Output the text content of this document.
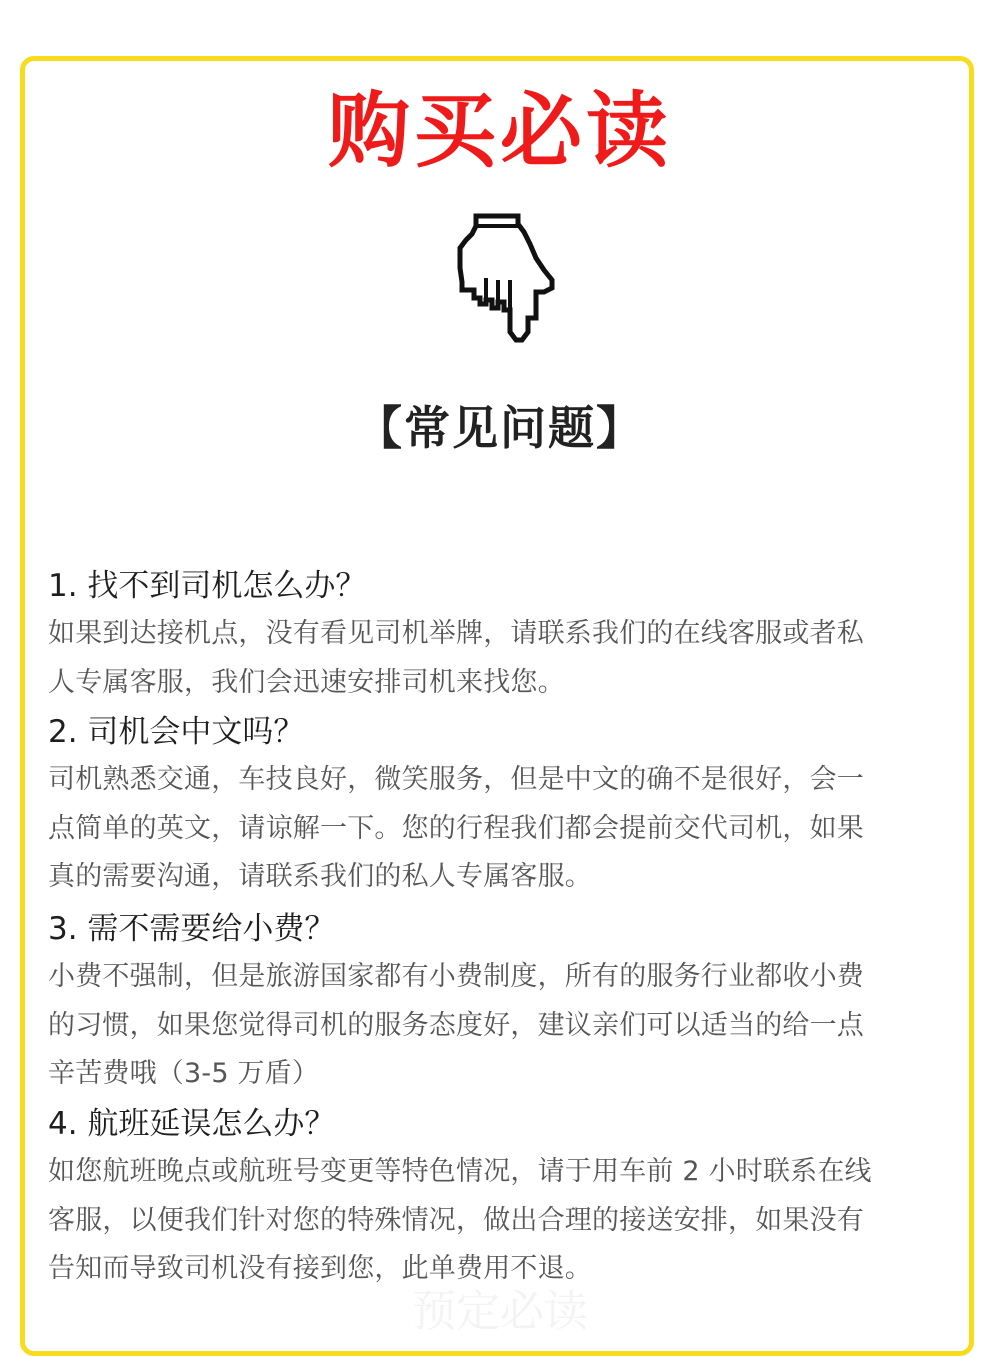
购买必读
【常见问题】
1. 找不到司机怎么办？
如果到达接机点，没有看见司机举牌，请联系我们的在线客服或者私
人专属客服，我们会迅速安排司机来找您。
2. 司机会中文吗？
司机熟悉交通，车技良好，微笑服务，但是中文的确不是很好，会一
点简单的英文，请谅解一下。您的行程我们都会提前交代司机，如果
真的需要沟通，请联系我们的私人专属客服。
3. 需不需要给小费？
小费不强制，但是旅游国家都有小费制度，所有的服务行业都收小费
的习惯，如果您觉得司机的服务态度好，建议亲们可以适当的给一点
辛苦费哦（3-5 万盾）
4. 航班延误怎么办？
如您航班晚点或航班号变更等特色情况，请于用车前 2 小时联系在线
客服，以便我们针对您的特殊情况，做出合理的接送安排，如果没有
告知而导致司机没有接到您，此单费用不退。
预定必读
